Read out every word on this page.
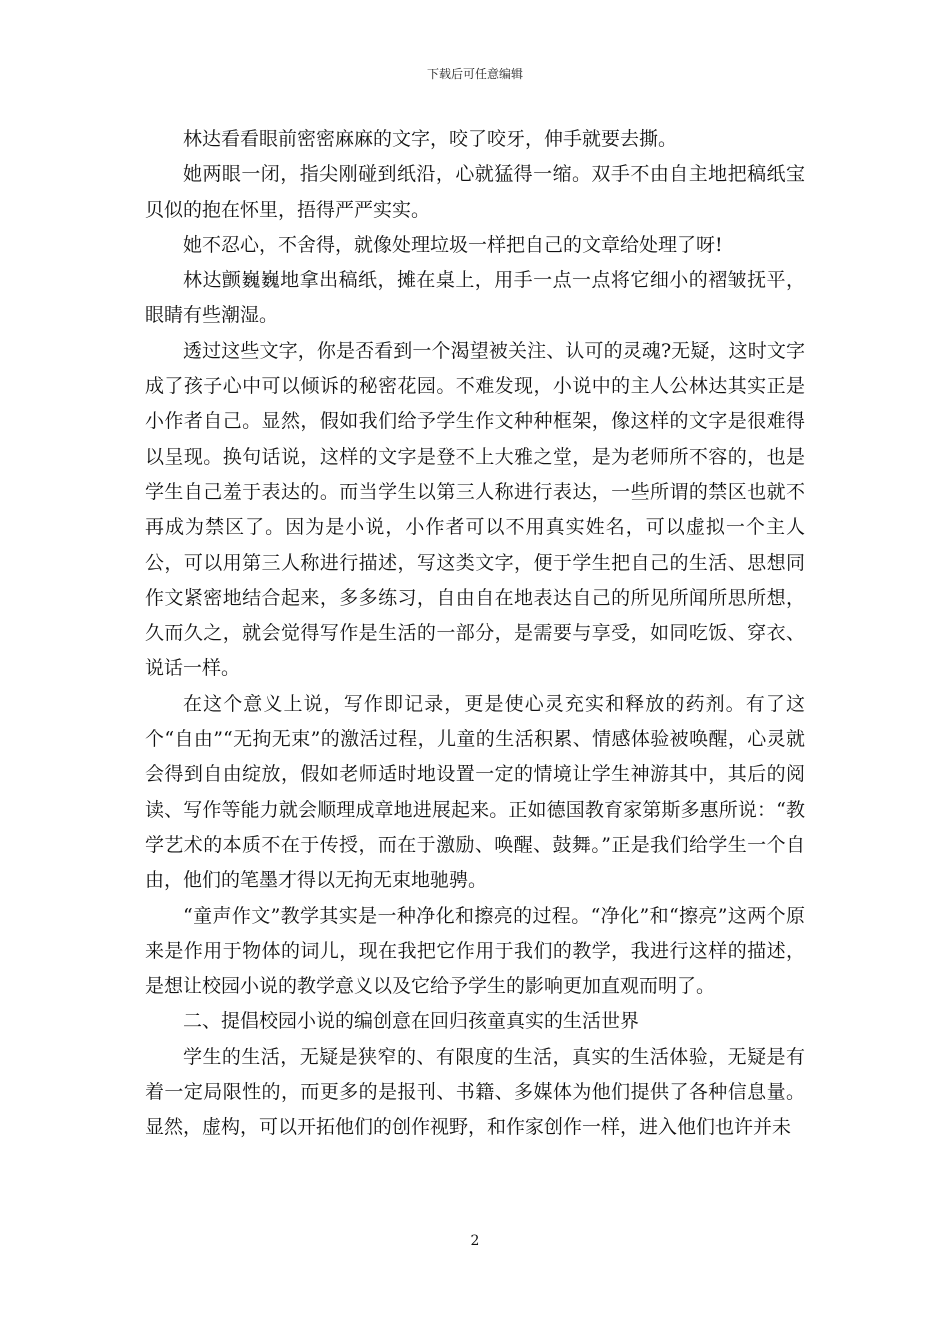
下载后可任意编辑

林达看看眼前密密麻麻的文字，咬了咬牙，伸手就要去撕。

她两眼一闭，指尖刚碰到纸沿，心就猛得一缩。双手不由自主地把稿纸宝贝似的抱在怀里，捂得严严实实。

她不忍心，不舍得，就像处理垃圾一样把自己的文章给处理了呀!

林达颤巍巍地拿出稿纸，摊在桌上，用手一点一点将它细小的褶皱抚平，眼睛有些潮湿。

透过这些文字，你是否看到一个渴望被关注、认可的灵魂?无疑，这时文字成了孩子心中可以倾诉的秘密花园。不难发现，小说中的主人公林达其实正是小作者自己。显然，假如我们给予学生作文种种框架，像这样的文字是很难得以呈现。换句话说，这样的文字是登不上大雅之堂，是为老师所不容的，也是学生自己羞于表达的。而当学生以第三人称进行表达，一些所谓的禁区也就不再成为禁区了。因为是小说，小作者可以不用真实姓名，可以虚拟一个主人公，可以用第三人称进行描述，写这类文字，便于学生把自己的生活、思想同作文紧密地结合起来，多多练习，自由自在地表达自己的所见所闻所思所想，久而久之，就会觉得写作是生活的一部分，是需要与享受，如同吃饭、穿衣、说话一样。

在这个意义上说，写作即记录，更是使心灵充实和释放的药剂。有了这个“自由”“无拘无束”的激活过程，儿童的生活积累、情感体验被唤醒，心灵就会得到自由绽放，假如老师适时地设置一定的情境让学生神游其中，其后的阅读、写作等能力就会顺理成章地进展起来。正如德国教育家第斯多惠所说：“教学艺术的本质不在于传授，而在于激励、唤醒、鼓舞。”正是我们给学生一个自由，他们的笔墨才得以无拘无束地驰骋。

“童声作文”教学其实是一种净化和擦亮的过程。“净化”和“擦亮”这两个原来是作用于物体的词儿，现在我把它作用于我们的教学，我进行这样的描述，是想让校园小说的教学意义以及它给予学生的影响更加直观而明了。

二、提倡校园小说的编创意在回归孩童真实的生活世界

学生的生活，无疑是狭窄的、有限度的生活，真实的生活体验，无疑是有着一定局限性的，而更多的是报刊、书籍、多媒体为他们提供了各种信息量。显然，虚构，可以开拓他们的创作视野，和作家创作一样，进入他们也许并未

2
